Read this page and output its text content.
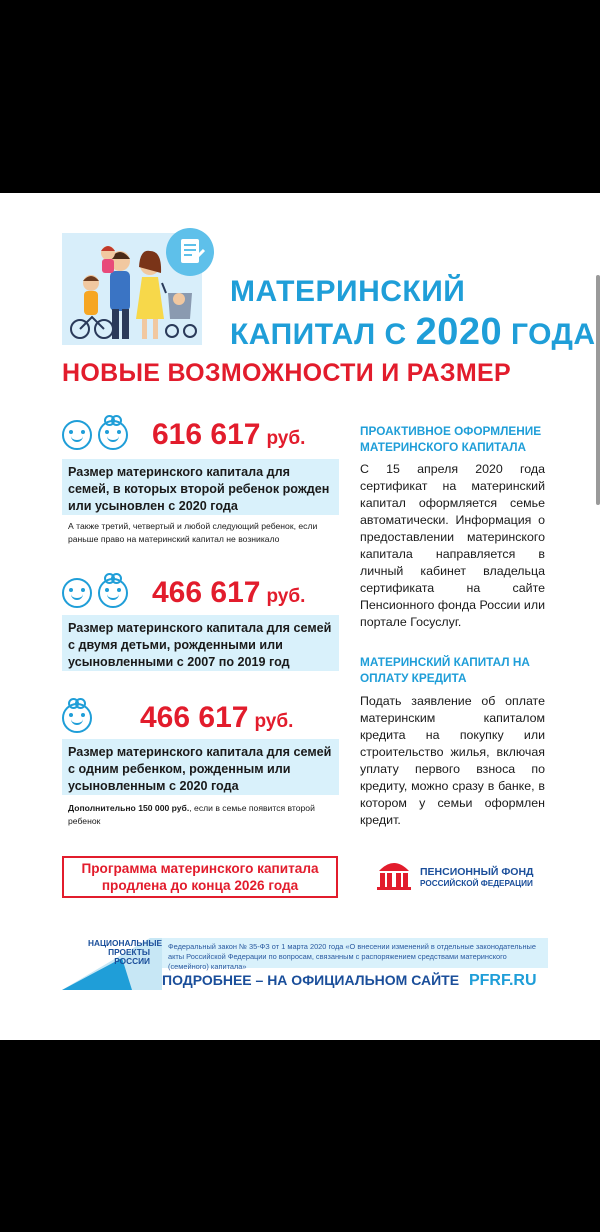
МАТЕРИНСКИЙ
КАПИТАЛ С 2020 ГОДА
НОВЫЕ ВОЗМОЖНОСТИ И РАЗМЕР
616 617 руб.
Размер материнского капитала для семей, в которых второй ребенок рожден или усыновлен с 2020 года
А также третий, четвертый и любой следующий ребенок, если раньше право на материнский капитал не возникало
466 617 руб.
Размер материнского капитала для семей с двумя детьми, рожденными или усыновленными с 2007 по 2019 год
466 617 руб.
Размер материнского капитала для семей с одним ребенком, рожденным или усыновленным с 2020 года
Дополнительно 150 000 руб., если в семье появится второй ребенок
ПРОАКТИВНОЕ ОФОРМЛЕНИЕ МАТЕРИНСКОГО КАПИТАЛА
С 15 апреля 2020 года сертификат на материнский капитал оформляется семье автоматически. Информация о предоставлении материнского капитала направляется в личный кабинет владельца сертификата на сайте Пенсионного фонда России или портале Госуслуг.
МАТЕРИНСКИЙ КАПИТАЛ НА ОПЛАТУ КРЕДИТА
Подать заявление об оплате материнским капиталом кредита на покупку или строительство жилья, включая уплату первого взноса по кредиту, можно сразу в банке, в котором у семьи оформлен кредит.
Программа материнского капитала продлена до конца 2026 года
ПЕНСИОННЫЙ ФОНД
РОССИЙСКОЙ ФЕДЕРАЦИИ
НАЦИОНАЛЬНЫЕ ПРОЕКТЫ РОССИИ
Федеральный закон № 35-ФЗ от 1 марта 2020 года «О внесении изменений в отдельные законодательные акты Российской Федерации по вопросам, связанным с распоряжением средствами материнского (семейного) капитала»
ПОДРОБНЕЕ – НА ОФИЦИАЛЬНОМ САЙТЕ PFRF.RU
